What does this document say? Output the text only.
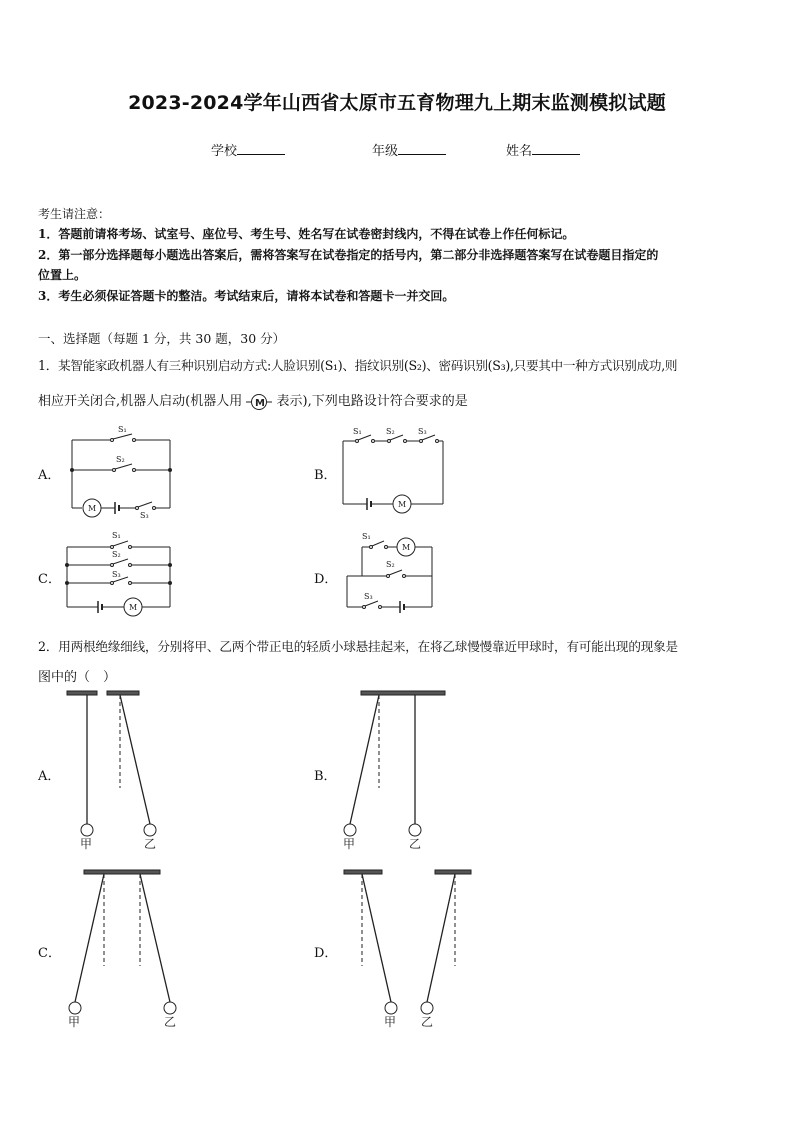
2023-2024学年山西省太原市五育物理九上期末监测模拟试题
学校	年级	姓名
考生请注意：
1．答题前请将考场、试室号、座位号、考生号、姓名写在试卷密封线内，不得在试卷上作任何标记。
2．第一部分选择题每小题选出答案后，需将答案写在试卷指定的括号内，第二部分非选择题答案写在试卷题目指定的
位置上。
3．考生必须保证答题卡的整洁。考试结束后，请将本试卷和答题卡一并交回。
一、选择题（每题 1 分，共 30 题，30 分）
1．某智能家政机器人有三种识别启动方式:人脸识别(S₁)、指纹识别(S₂)、密码识别(S₃),只要其中一种方式识别成功,则
相应开关闭合,机器人启动(机器人用 M 表示),下列电路设计符合要求的是
A．	B．
C．	D．
S₁
S₂
M
S₃
S₁	S₂	S₃
M
S₁
S₂
S₃
M
M
S₁
S₂
S₃
2．用两根绝缘细线，分别将甲、乙两个带正电的轻质小球悬挂起来，在将乙球慢慢靠近甲球时，有可能出现的现象是
图中的（　）
A．	B．
C．	D．
甲	乙	甲	乙
甲	乙	甲 乙
